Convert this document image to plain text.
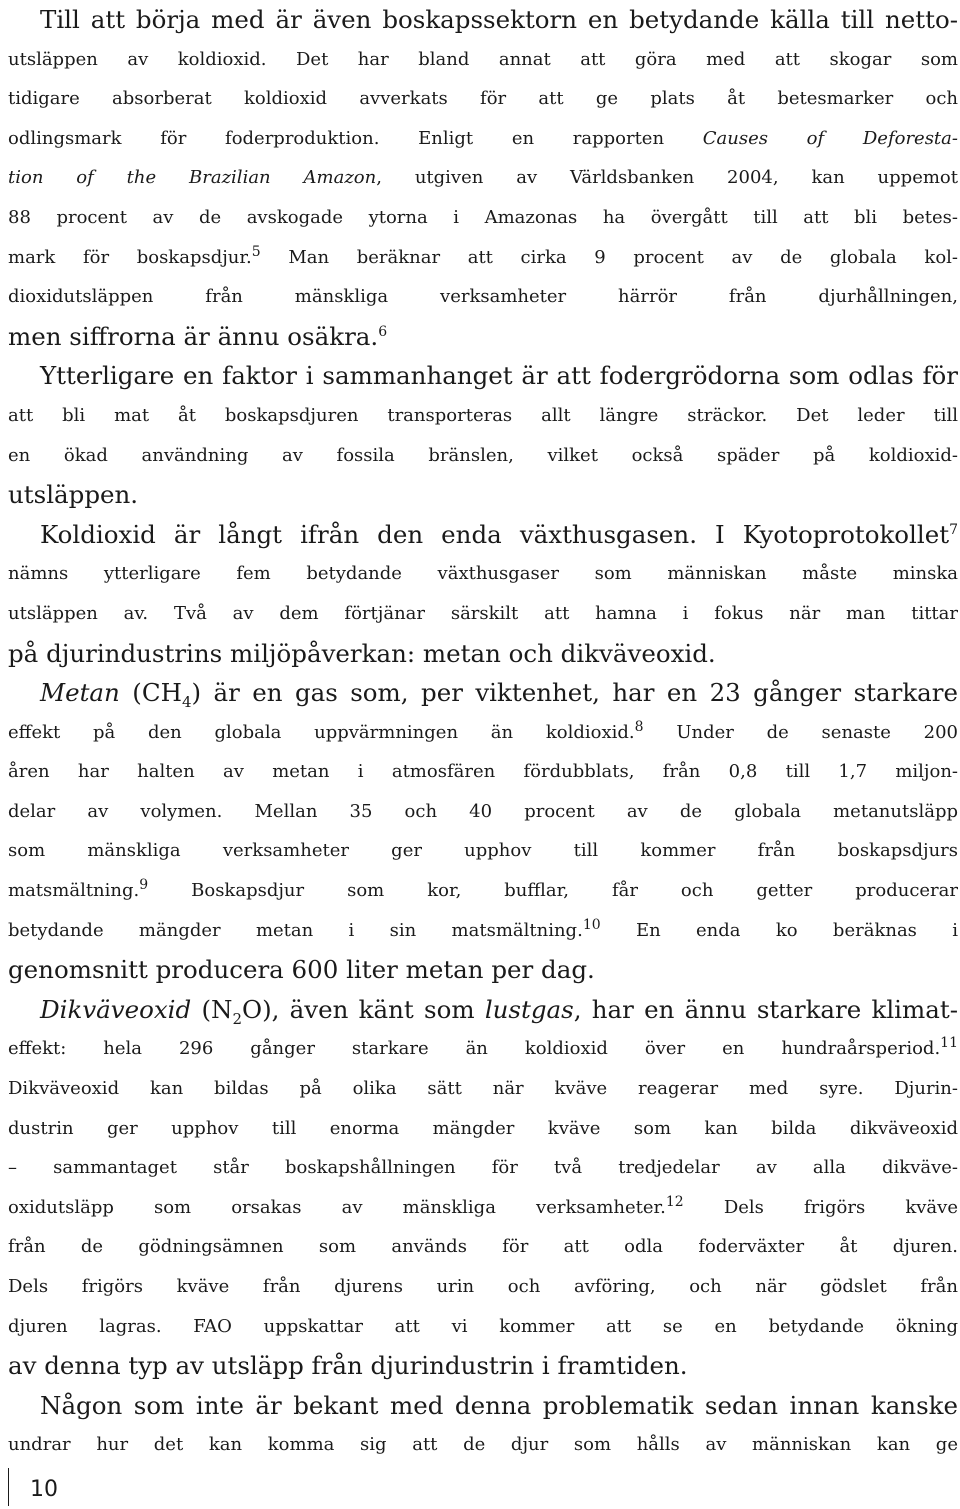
Till att börja med är även boskapssektorn en betydande källa till netto-
utsläppen av koldioxid. Det har bland annat att göra med att skogar som
tidigare absorberat koldioxid avverkats för att ge plats åt betesmarker och
odlingsmark för foderproduktion. Enligt en rapporten Causes of Deforesta-
tion of the Brazilian Amazon, utgiven av Världsbanken 2004, kan uppemot
88 procent av de avskogade ytorna i Amazonas ha övergått till att bli betes-
mark för boskapsdjur.$^5$ Man beräknar att cirka 9 procent av de globala kol-
dioxidutsläppen från mänskliga verksamheter härrör från djurhållningen,
men siffrorna är ännu osäkra.$^6$
Ytterligare en faktor i sammanhanget är att fodergrödorna som odlas för
att bli mat åt boskapsdjuren transporteras allt längre sträckor. Det leder till
en ökad användning av fossila bränslen, vilket också späder på koldioxid-
utsläppen.
Koldioxid är långt ifrån den enda växthusgasen. I Kyotoprotokollet$^7$
nämns ytterligare fem betydande växthusgaser som människan måste minska
utsläppen av. Två av dem förtjänar särskilt att hamna i fokus när man tittar
på djurindustrins miljöpåverkan: metan och dikväveoxid.
Metan $(CH_4)$ är en gas som, per viktenhet, har en 23 gånger starkare
effekt på den globala uppvärmningen än koldioxid.$^8$ Under de senaste 200
åren har halten av metan i atmosfären fördubblats, från 0,8 till 1,7 miljon-
delar av volymen. Mellan 35 och 40 procent av de globala metanutsläpp
som mänskliga verksamheter ger upphov till kommer från boskapsdjurs
matsmältning.$^9$ Boskapsdjur som kor, bufflar, får och getter producerar
betydande mängder metan i sin matsmältning.$^{10}$ En enda ko beräknas i
genomsnitt producera 600 liter metan per dag.
Dikväveoxid $(N_2O)$, även känt som lustgas, har en ännu starkare klimat-
effekt: hela 296 gånger starkare än koldioxid över en hundraårsperiod.$^{11}$
Dikväveoxid kan bildas på olika sätt när kväve reagerar med syre. Djurin-
dustrin ger upphov till enorma mängder kväve som kan bilda dikväveoxid
– sammantaget står boskapshållningen för två tredjedelar av alla dikväve-
oxidutsläpp som orsakas av mänskliga verksamheter.$^{12}$ Dels frigörs kväve
från de gödningsämnen som används för att odla foderväxter åt djuren.
Dels frigörs kväve från djurens urin och avföring, och när gödslet från
djuren lagras. FAO uppskattar att vi kommer att se en betydande ökning
av denna typ av utsläpp från djurindustrin i framtiden.
Någon som inte är bekant med denna problematik sedan innan kanske
undrar hur det kan komma sig att de djur som hålls av människan kan ge
10
